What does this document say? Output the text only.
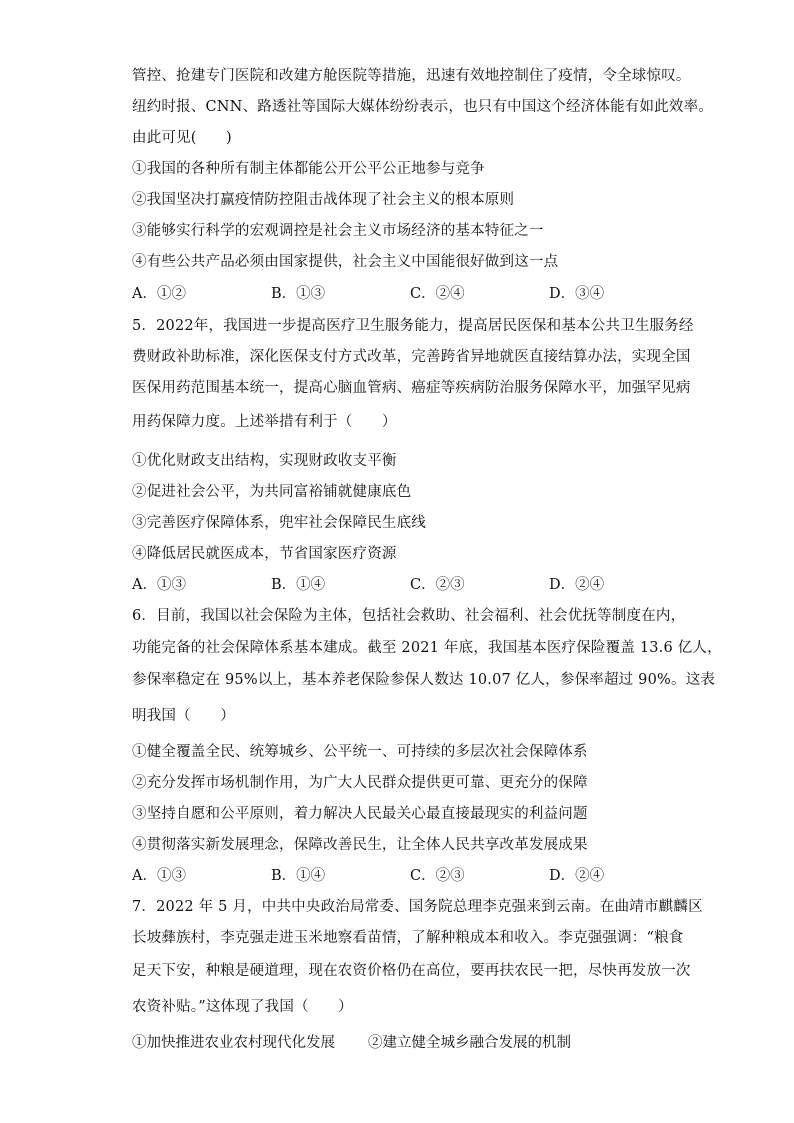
管控、抢建专门医院和改建方舱医院等措施，迅速有效地控制住了疫情，令全球惊叹。
纽约时报、CNN、路透社等国际大媒体纷纷表示，也只有中国这个经济体能有如此效率。
由此可见(　　)
①我国的各种所有制主体都能公开公平公正地参与竞争
②我国坚决打赢疫情防控阻击战体现了社会主义的根本原则
③能够实行科学的宏观调控是社会主义市场经济的基本特征之一
④有些公共产品必须由国家提供，社会主义中国能很好做到这一点
A．①②	B．①③	C．②④	D．③④
5．2022年，我国进一步提高医疗卫生服务能力，提高居民医保和基本公共卫生服务经
费财政补助标准，深化医保支付方式改革，完善跨省异地就医直接结算办法，实现全国
医保用药范围基本统一，提高心脑血管病、癌症等疾病防治服务保障水平，加强罕见病
用药保障力度。上述举措有利于（　　）
①优化财政支出结构，实现财政收支平衡
②促进社会公平，为共同富裕铺就健康底色
③完善医疗保障体系，兜牢社会保障民生底线
④降低居民就医成本，节省国家医疗资源
A．①③	B．①④	C．②③	D．②④
6．目前，我国以社会保险为主体，包括社会救助、社会福利、社会优抚等制度在内，
功能完备的社会保障体系基本建成。截至 2021 年底，我国基本医疗保险覆盖 13.6 亿人，
参保率稳定在 95%以上，基本养老保险参保人数达 10.07 亿人，参保率超过 90%。这表
明我国（　　）
①健全覆盖全民、统筹城乡、公平统一、可持续的多层次社会保障体系
②充分发挥市场机制作用，为广大人民群众提供更可靠、更充分的保障
③坚持自愿和公平原则，着力解决人民最关心最直接最现实的利益问题
④贯彻落实新发展理念，保障改善民生，让全体人民共享改革发展成果
A．①③	B．①④	C．②③	D．②④
7．2022 年 5 月，中共中央政治局常委、国务院总理李克强来到云南。在曲靖市麒麟区
长坡彝族村，李克强走进玉米地察看苗情，了解种粮成本和收入。李克强强调：“粮食
足天下安，种粮是硬道理，现在农资价格仍在高位，要再扶农民一把，尽快再发放一次
农资补贴。”这体现了我国（　　）
①加快推进农业农村现代化发展 ②建立健全城乡融合发展的机制
